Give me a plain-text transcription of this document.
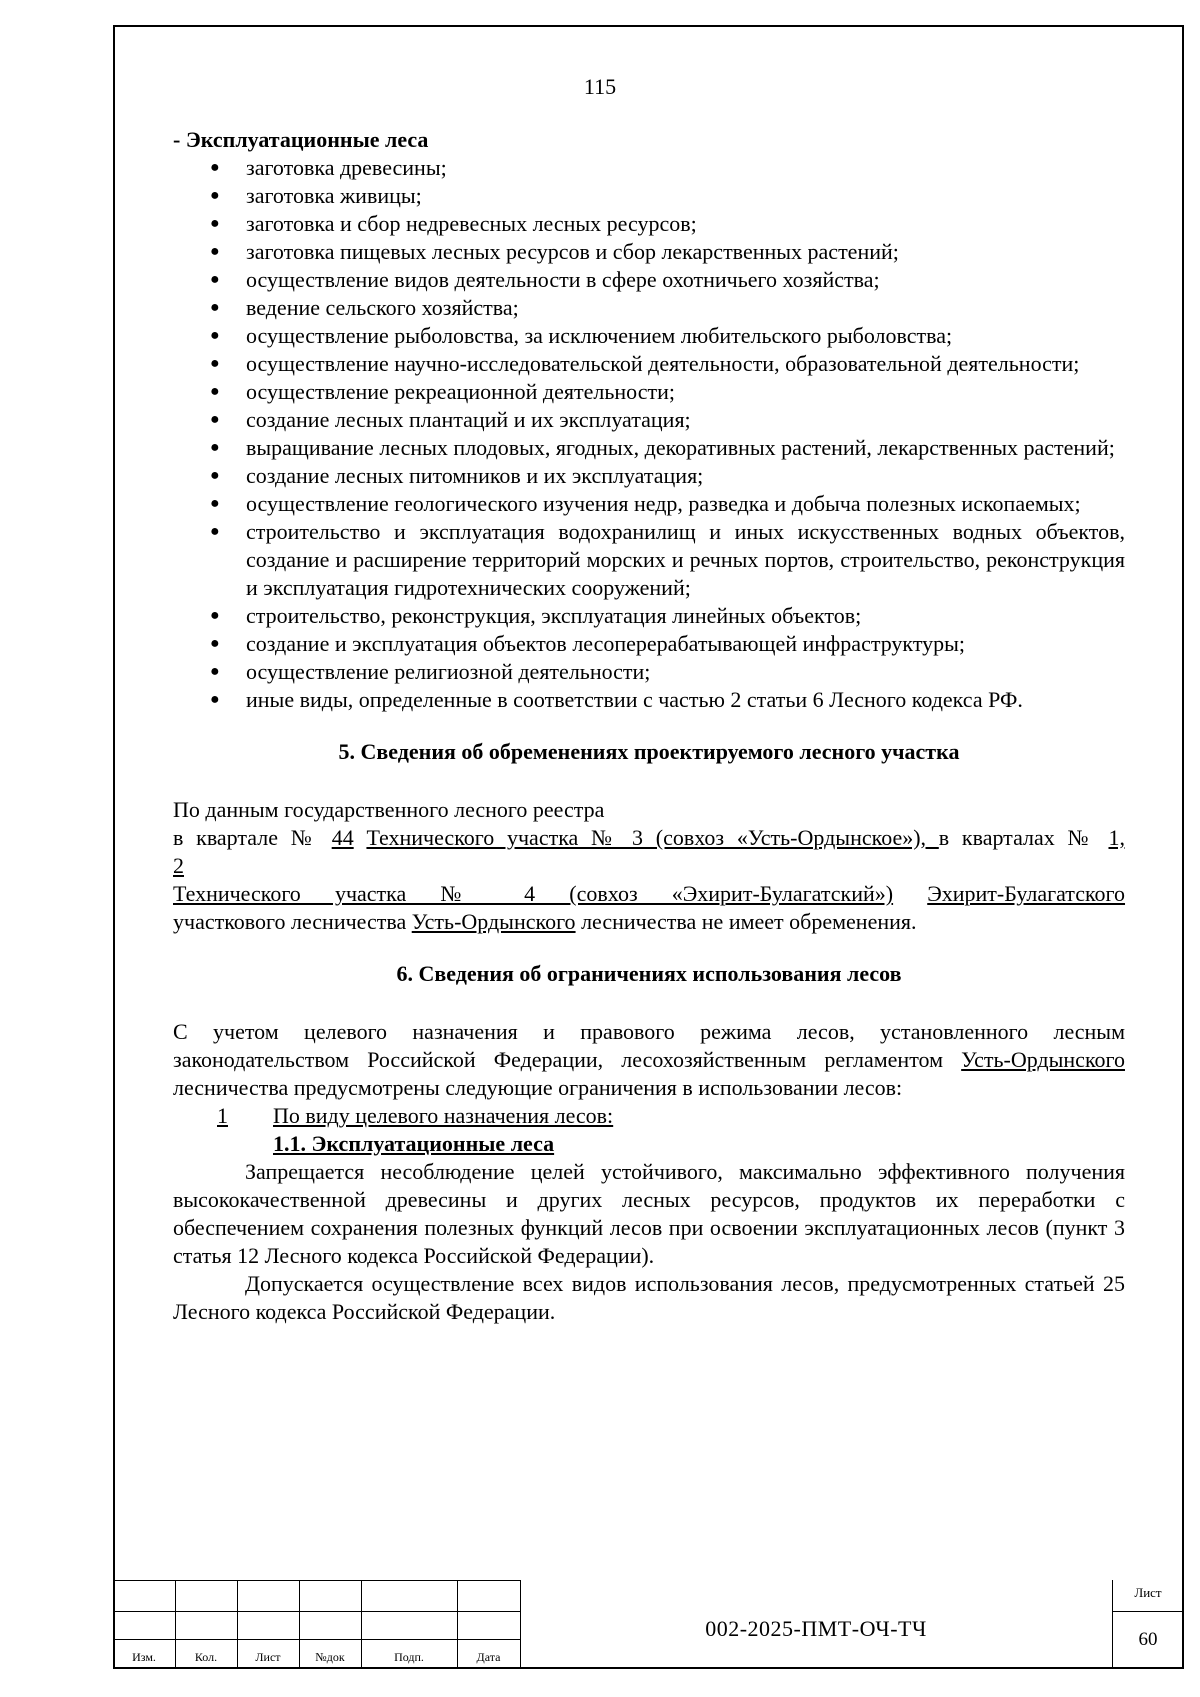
115

- Эксплуатационные леса

● заготовка древесины;
● заготовка живицы;
● заготовка и сбор недревесных лесных ресурсов;
● заготовка пищевых лесных ресурсов и сбор лекарственных растений;
● осуществление видов деятельности в сфере охотничьего хозяйства;
● ведение сельского хозяйства;
● осуществление рыболовства, за исключением любительского рыболовства;
● осуществление научно-исследовательской деятельности, образовательной деятельности;
● осуществление рекреационной деятельности;
● создание лесных плантаций и их эксплуатация;
● выращивание лесных плодовых, ягодных, декоративных растений, лекарственных растений;
● создание лесных питомников и их эксплуатация;
● осуществление геологического изучения недр, разведка и добыча полезных ископаемых;
● строительство и эксплуатация водохранилищ и иных искусственных водных объектов, создание и расширение территорий морских и речных портов, строительство, реконструкция и эксплуатация гидротехнических сооружений;
● строительство, реконструкция, эксплуатация линейных объектов;
● создание и эксплуатация объектов лесоперерабатывающей инфраструктуры;
● осуществление религиозной деятельности;
● иные виды, определенные в соответствии с частью 2 статьи 6 Лесного кодекса РФ.

5. Сведения об обременениях проектируемого лесного участка

По данным государственного лесного реестра

в квартале № 44 Технического участка № 3 (совхоз «Усть-Ордынское»), в кварталах № 1,

2

Технического участка № 4 (совхоз «Эхирит-Булагатский») Эхирит-Булагатского

участкового лесничества Усть-Ордынского лесничества не имеет обременения.

6. Сведения об ограничениях использования лесов

С учетом целевого назначения и правового режима лесов, установленного лесным законодательством Российской Федерации, лесохозяйственным регламентом Усть-Ордынского лесничества предусмотрены следующие ограничения в использовании лесов:

1 По виду целевого назначения лесов:

1.1. Эксплуатационные леса

Запрещается несоблюдение целей устойчивого, максимально эффективного получения высококачественной древесины и других лесных ресурсов, продуктов их переработки с обеспечением сохранения полезных функций лесов при освоении эксплуатационных лесов (пункт 3 статья 12 Лесного кодекса Российской Федерации).

Допускается осуществление всех видов использования лесов, предусмотренных статьей 25 Лесного кодекса Российской Федерации.

Изм.	Кол.	Лист	№док	Подп.	Дата
002-2025-ПМТ-ОЧ-ТЧ
Лист
60
